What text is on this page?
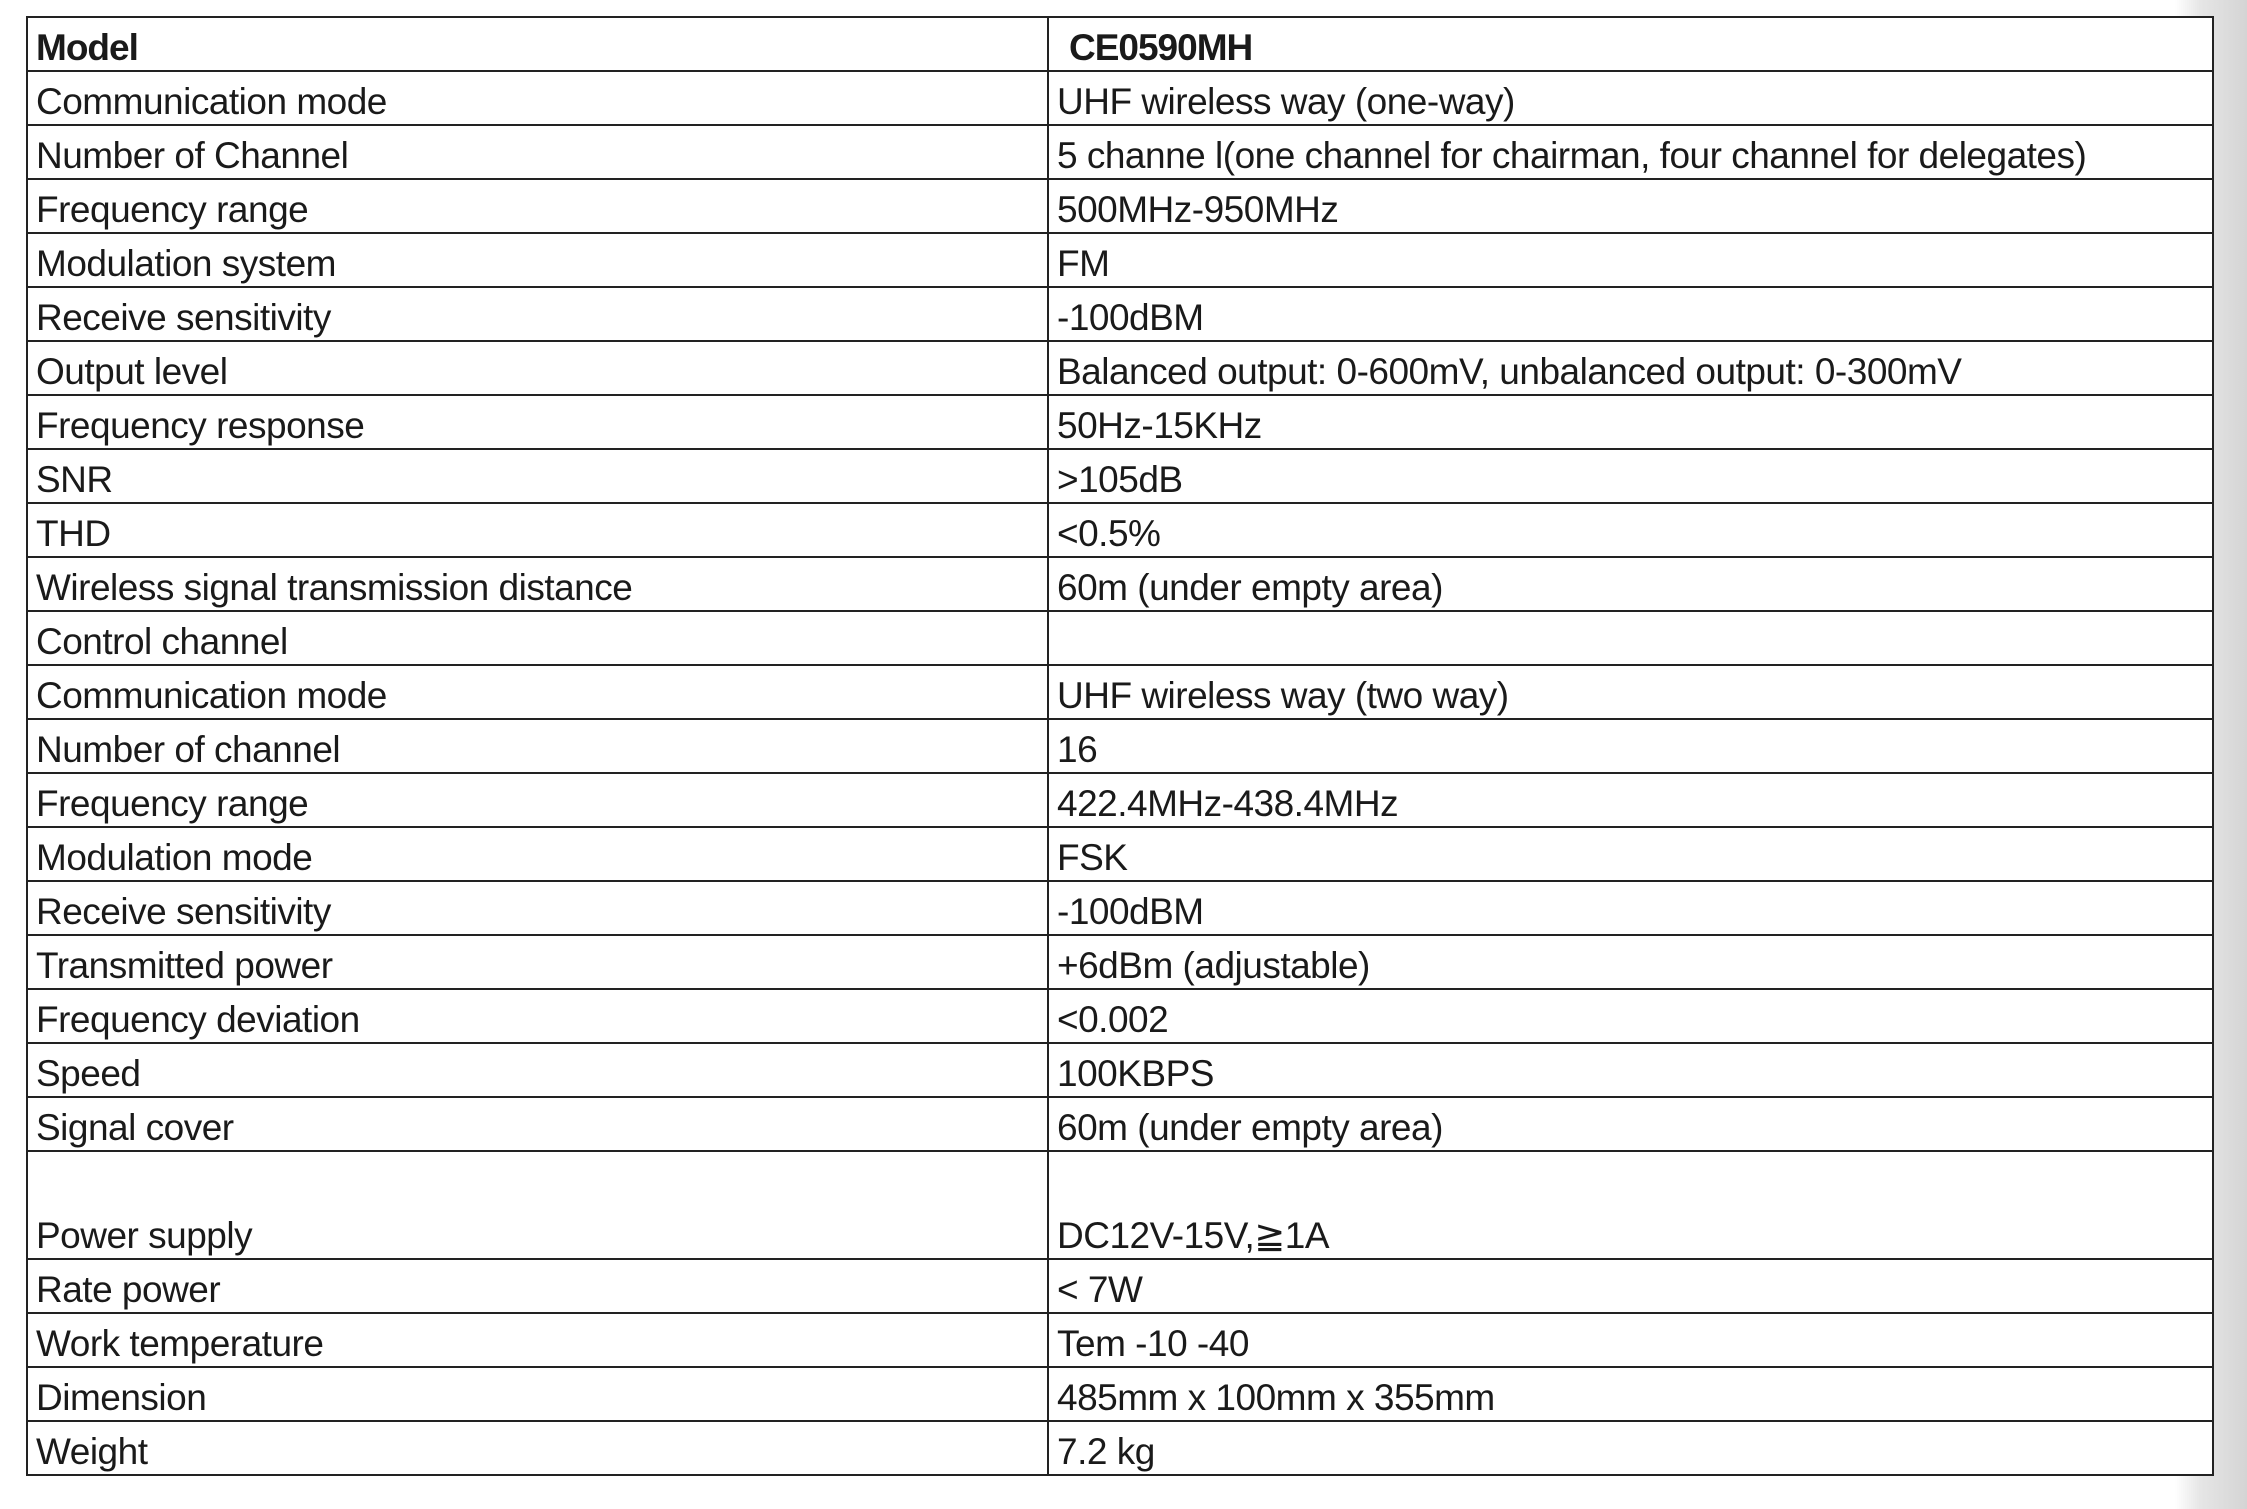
Model	CE0590MH
Communication mode	UHF wireless way (one-way)
Number of Channel	5 channe l(one channel for chairman, four channel for delegates)
Frequency range	500MHz-950MHz
Modulation system	FM
Receive sensitivity	-100dBM
Output level	Balanced output: 0-600mV, unbalanced output: 0-300mV
Frequency response	50Hz-15KHz
SNR	>105dB
THD	<0.5%
Wireless signal transmission distance	60m (under empty area)
Control channel	
Communication mode	UHF wireless way (two way)
Number of channel	16
Frequency range	422.4MHz-438.4MHz
Modulation mode	FSK
Receive sensitivity	-100dBM
Transmitted power	+6dBm (adjustable)
Frequency deviation	<0.002
Speed	100KBPS
Signal cover	60m (under empty area)
Power supply	DC12V-15V,≧1A
Rate power	< 7W
Work temperature	Tem -10 -40
Dimension	485mm x 100mm x 355mm
Weight	7.2 kg
